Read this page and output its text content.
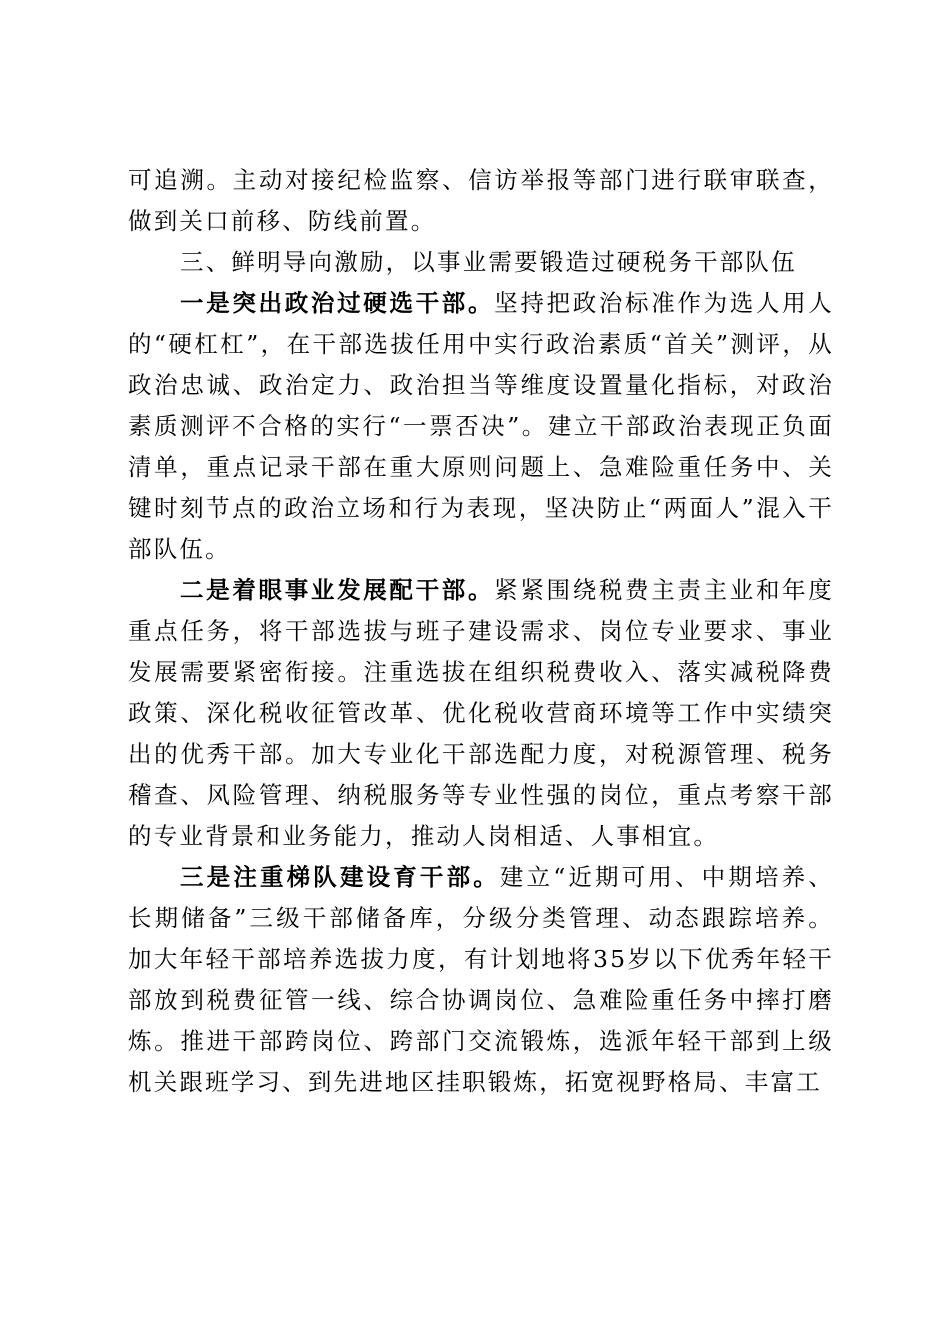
可追溯。主动对接纪检监察、信访举报等部门进行联审联查，做到关口前移、防线前置。

三、鲜明导向激励，以事业需要锻造过硬税务干部队伍

一是突出政治过硬选干部。坚持把政治标准作为选人用人的“硬杠杠”，在干部选拔任用中实行政治素质“首关”测评，从政治忠诚、政治定力、政治担当等维度设置量化指标，对政治素质测评不合格的实行“一票否决”。建立干部政治表现正负面清单，重点记录干部在重大原则问题上、急难险重任务中、关键时刻节点的政治立场和行为表现，坚决防止“两面人”混入干部队伍。

二是着眼事业发展配干部。紧紧围绕税费主责主业和年度重点任务，将干部选拔与班子建设需求、岗位专业要求、事业发展需要紧密衔接。注重选拔在组织税费收入、落实减税降费政策、深化税收征管改革、优化税收营商环境等工作中实绩突出的优秀干部。加大专业化干部选配力度，对税源管理、税务稽查、风险管理、纳税服务等专业性强的岗位，重点考察干部的专业背景和业务能力，推动人岗相适、人事相宜。

三是注重梯队建设育干部。建立“近期可用、中期培养、长期储备”三级干部储备库，分级分类管理、动态跟踪培养。加大年轻干部培养选拔力度，有计划地将35岁以下优秀年轻干部放到税费征管一线、综合协调岗位、急难险重任务中摔打磨炼。推进干部跨岗位、跨部门交流锻炼，选派年轻干部到上级机关跟班学习、到先进地区挂职锻炼，拓宽视野格局、丰富工
